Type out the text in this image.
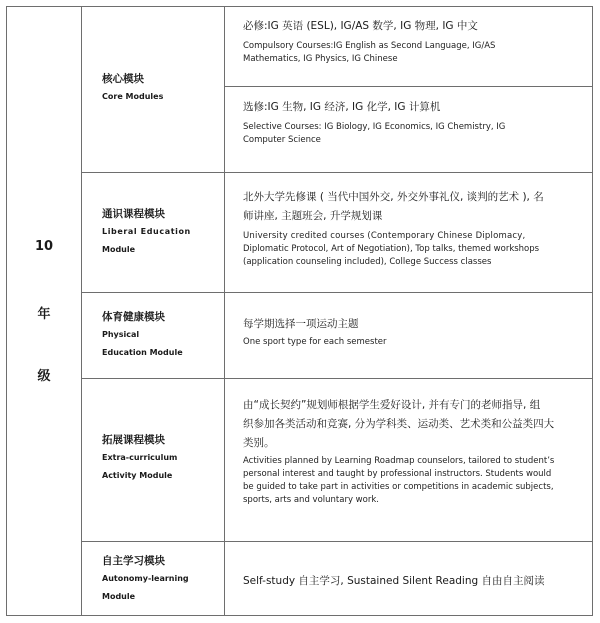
10
年
级
核心模块
Core Modules
必修:IG 英语 (ESL), IG/AS 数学, IG 物理, IG 中文
Compulsory Courses:IG English as Second Language, IG/AS
Mathematics, IG Physics, IG Chinese
选修:IG 生物, IG 经济, IG 化学, IG 计算机
Selective Courses: IG Biology, IG Economics, IG Chemistry, IG
Computer Science
通识课程模块
Liberal Education
Module
北外大学先修课 ( 当代中国外交, 外交外事礼仪, 谈判的艺术 ), 名
师讲座, 主题班会, 升学规划课
University credited courses (Contemporary Chinese Diplomacy,
Diplomatic Protocol, Art of Negotiation), Top talks, themed workshops
(application counseling included), College Success classes
体育健康模块
Physical
Education Module
每学期选择一项运动主题
One sport type for each semester
拓展课程模块
Extra-curriculum
Activity Module
由“成长契约”规划师根据学生爱好设计, 并有专门的老师指导, 组
织参加各类活动和竞赛, 分为学科类、运动类、艺术类和公益类四大
类别。
Activities planned by Learning Roadmap counselors, tailored to student’s
personal interest and taught by professional instructors. Students would
be guided to take part in activities or competitions in academic subjects,
sports, arts and voluntary work.
自主学习模块
Autonomy-learning
Module
Self-study 自主学习, Sustained Silent Reading 自由自主阅读
